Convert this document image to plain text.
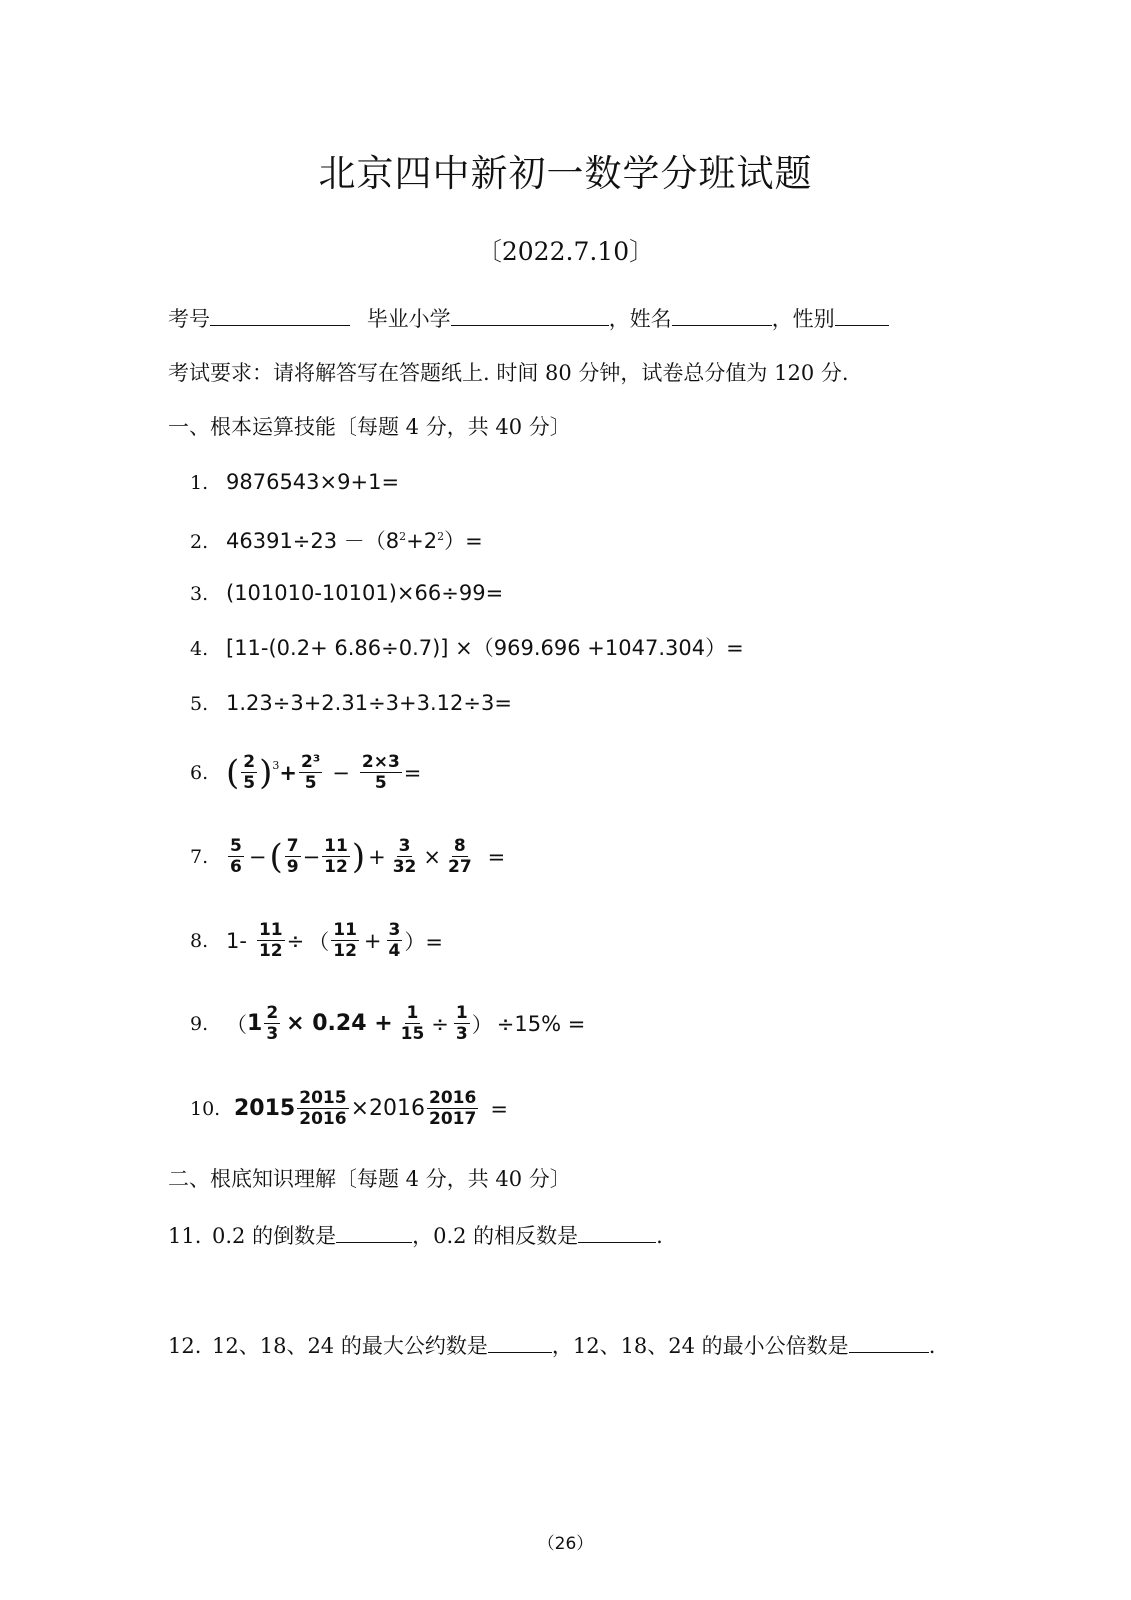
北京四中新初一数学分班试题
〔2022.7.10〕
考号	毕业小学	，姓名	，性别
考试要求：请将解答写在答题纸上. 时间 80 分钟，试卷总分值为 120 分.
一、根本运算技能〔每题 4 分，共 40 分〕
1. 9876543×9+1=
2. $46391\div 23 -(8^2+2^2)=$
3. (101010-10101)×66÷99=
4. [11-(0.2+ 6.86÷0.7)] ×（969.696 +1047.304）=
5. 1.23÷3+2.31÷3+3.12÷3=
6. ( $\frac{2}{5} )^3 + \frac{\text{2³}}{5} - \frac{2\times 3}{5}$ =
7.	$\frac{5}{6}$ − ( $\frac{7}{9} - \frac{11}{12}$ ) + $\frac{3}{32} \times \frac{8}{27}$ =
8. $1- \frac{11}{12}$ ÷ （ $\frac{11}{12} + \frac{3}{4}$ ）=
9. （ $1 \frac{2}{3} \times 0.24 + \frac{1}{15} \div \frac{1}{3}$ ） ÷15% =
10. $2015 \frac{2015}{2016} \times 2016 \frac{2016}{2017}$ =
二、根底知识理解〔每题 4 分，共 40 分〕
11. 0.2 的倒数是	，0.2 的相反数是	.
12. 12、18、24 的最大公约数是	，12、18、24 的最小公倍数是	.
（26）
